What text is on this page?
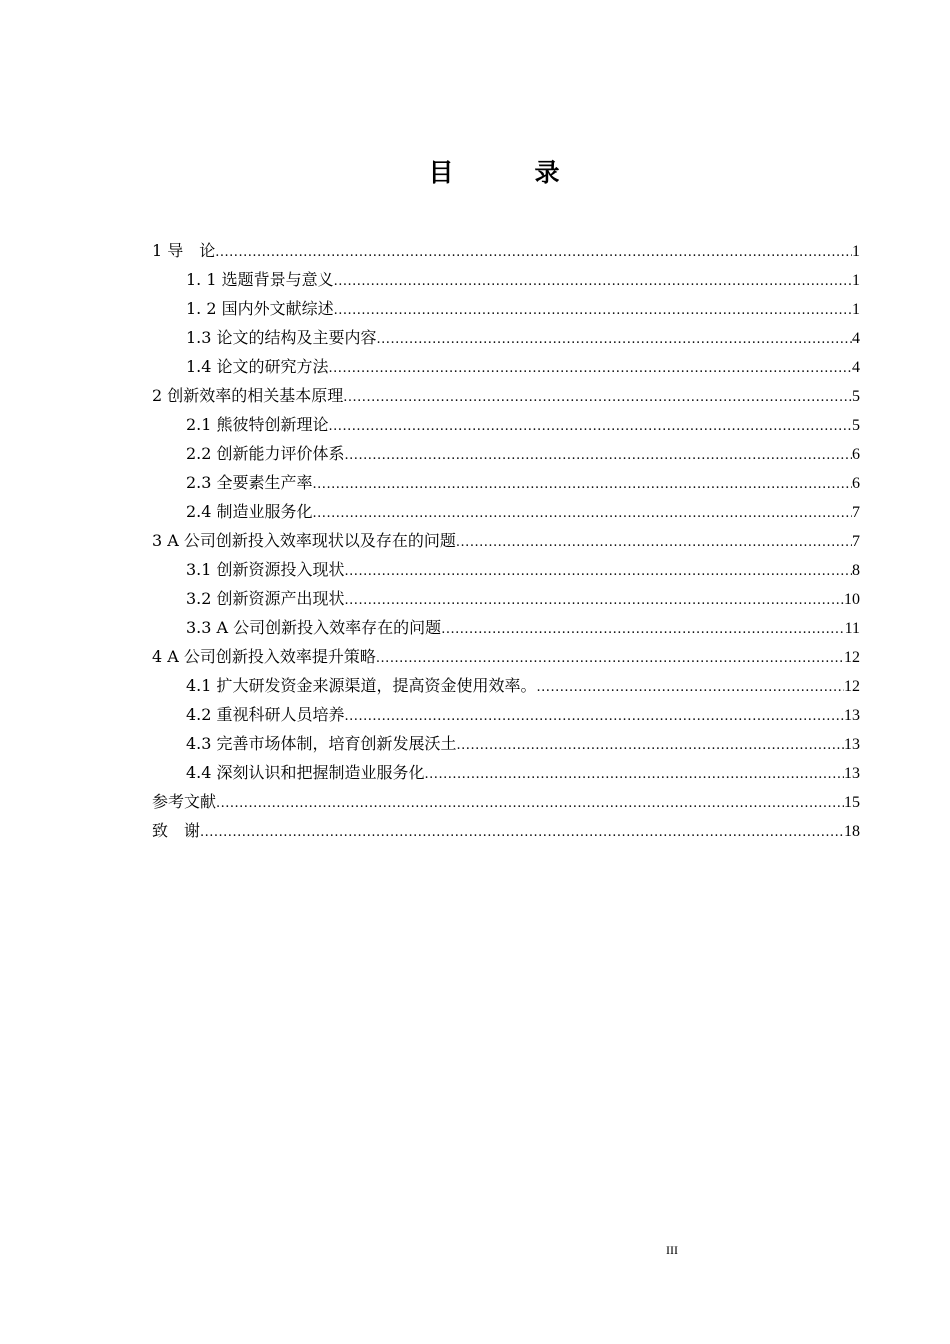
目　录
1 导　论 .....	1
1. 1 选题背景与意义 .....	1
1. 2 国内外文献综述 .....	1
1.3 论文的结构及主要内容 .....	4
1.4 论文的研究方法 .....	4
2 创新效率的相关基本原理 .....	5
2.1 熊彼特创新理论 .....	5
2.2 创新能力评价体系 .....	6
2.3 全要素生产率 .....	6
2.4 制造业服务化 .....	7
3 A 公司创新投入效率现状以及存在的问题 .....	7
3.1 创新资源投入现状 .....	8
3.2 创新资源产出现状 .....	10
3.3 A 公司创新投入效率存在的问题 .....	11
4 A 公司创新投入效率提升策略 .....	12
4.1 扩大研发资金来源渠道，提高资金使用效率。 .....	12
4.2 重视科研人员培养 .....	13
4.3 完善市场体制，培育创新发展沃土 .....	13
4.4 深刻认识和把握制造业服务化 .....	13
参考文献 .....	15
致　谢 .....	18
III
